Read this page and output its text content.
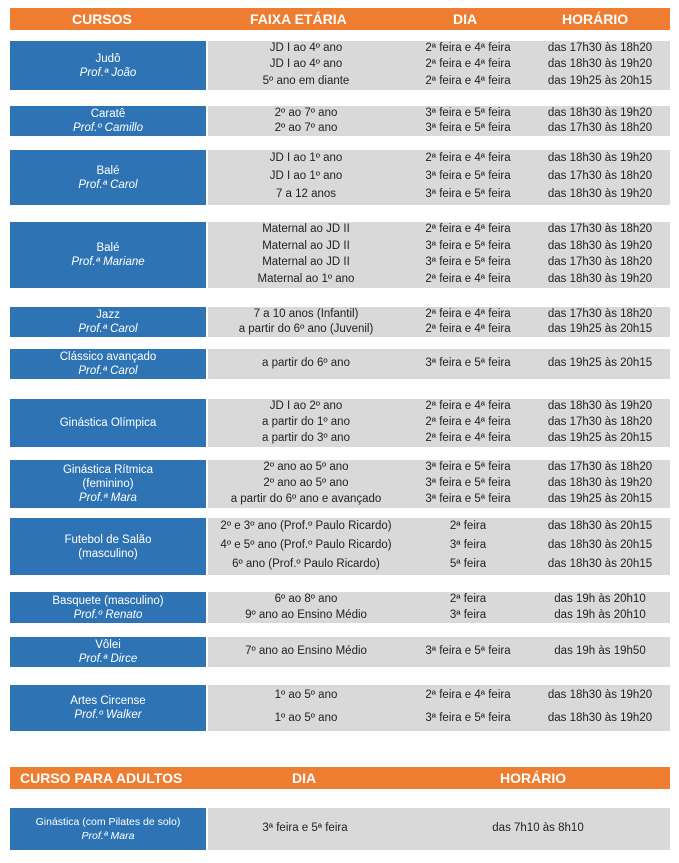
CURSOS	FAIXA ETÁRIA	DIA	HORÁRIO
Judô
Prof.ª João
JD I ao 4º ano	2ª feira e 4ª feira	das 17h30 às 18h20
JD I ao 4º ano	2ª feira e 4ª feira	das 18h30 às 19h20
5º ano em diante	2ª feira e 4ª feira	das 19h25 às 20h15
Caratê
Prof.º Camillo
2º ao 7º ano	3ª feira e 5ª feira	das 18h30 às 19h20
2º ao 7º ano	3ª feira e 5ª feira	das 17h30 às 18h20
Balé
Prof.ª Carol
JD I ao 1º ano	2ª feira e 4ª feira	das 18h30 às 19h20
JD I ao 1º ano	3ª feira e 5ª feira	das 17h30 às 18h20
7 a 12 anos	3ª feira e 5ª feira	das 18h30 às 19h20
Balé
Prof.ª Mariane
Maternal ao JD II	2ª feira e 4ª feira	das 17h30 às 18h20
Maternal ao JD II	3ª feira e 5ª feira	das 18h30 às 19h20
Maternal ao JD II	3ª feira e 5ª feira	das 17h30 às 18h20
Maternal ao 1º ano	2ª feira e 4ª feira	das 18h30 às 19h20
Jazz
Prof.ª Carol
7 a 10 anos (Infantil)	2ª feira e 4ª feira	das 17h30 às 18h20
a partir do 6º ano (Juvenil)	2ª feira e 4ª feira	das 19h25 às 20h15
Clássico avançado
Prof.ª Carol
a partir do 6º ano	3ª feira e 5ª feira	das 19h25 às 20h15
Ginástica Olímpica
JD I ao 2º ano	2ª feira e 4ª feira	das 18h30 às 19h20
a partir do 1º ano	2ª feira e 4ª feira	das 17h30 às 18h20
a partir do 3º ano	2ª feira e 4ª feira	das 19h25 às 20h15
Ginástica Rítmica
(feminino)
Prof.ª Mara
2º ano ao 5º ano	3ª feira e 5ª feira	das 17h30 às 18h20
2º ano ao 5º ano	3ª feira e 5ª feira	das 18h30 às 19h20
a partir do 6º ano e avançado	3ª feira e 5ª feira	das 19h25 às 20h15
Futebol de Salão
(masculino)
2º e 3º ano (Prof.º Paulo Ricardo)	2ª feira	das 18h30 às 20h15
4º e 5º ano (Prof.º Paulo Ricardo)	3ª feira	das 18h30 às 20h15
6º ano (Prof.º Paulo Ricardo)	5ª feira	das 18h30 às 20h15
Basquete (masculino)
Prof.º Renato
6º ao 8º ano	2ª feira	das 19h às 20h10
9º ano ao Ensino Médio	3ª feira	das 19h às 20h10
Vôlei
Prof.ª Dirce
7º ano ao Ensino Médio	3ª feira e 5ª feira	das 19h às 19h50
Artes Circense
Prof.º Walker
1º ao 5º ano	2ª feira e 4ª feira	das 18h30 às 19h20
1º ao 5º ano	3ª feira e 5ª feira	das 18h30 às 19h20
CURSO PARA ADULTOS	DIA	HORÁRIO
Ginástica (com Pilates de solo)
Prof.ª Mara
3ª feira e 5ª feira	das 7h10 às 8h10
